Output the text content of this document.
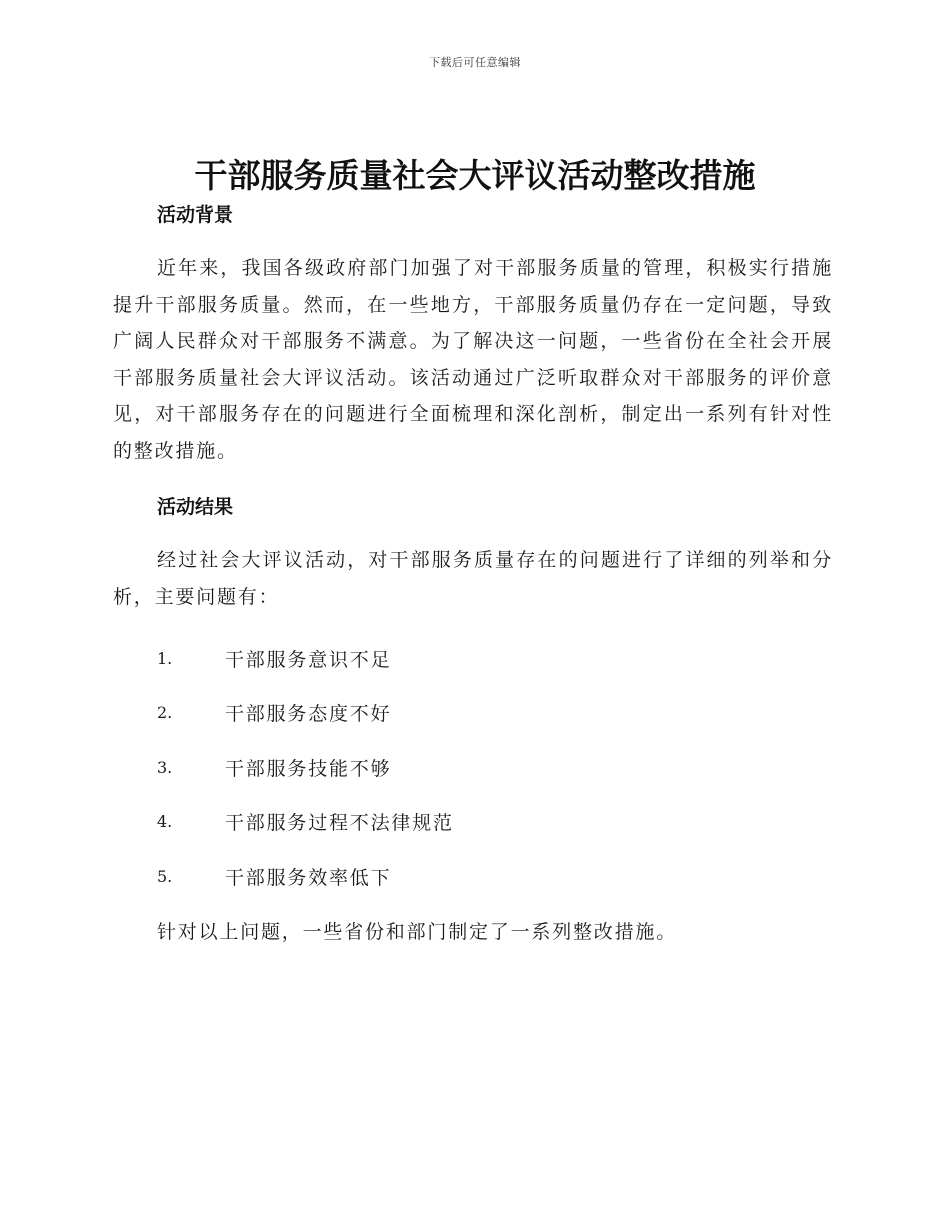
下载后可任意编辑
干部服务质量社会大评议活动整改措施
活动背景

近年来，我国各级政府部门加强了对干部服务质量的管理，积极实行措施提升干部服务质量。然而，在一些地方，干部服务质量仍存在一定问题，导致广阔人民群众对干部服务不满意。为了解决这一问题，一些省份在全社会开展干部服务质量社会大评议活动。该活动通过广泛听取群众对干部服务的评价意见，对干部服务存在的问题进行全面梳理和深化剖析，制定出一系列有针对性的整改措施。

活动结果

经过社会大评议活动，对干部服务质量存在的问题进行了详细的列举和分析，主要问题有：

1.	干部服务意识不足
2.	干部服务态度不好
3.	干部服务技能不够
4.	干部服务过程不法律规范
5.	干部服务效率低下

针对以上问题，一些省份和部门制定了一系列整改措施。
